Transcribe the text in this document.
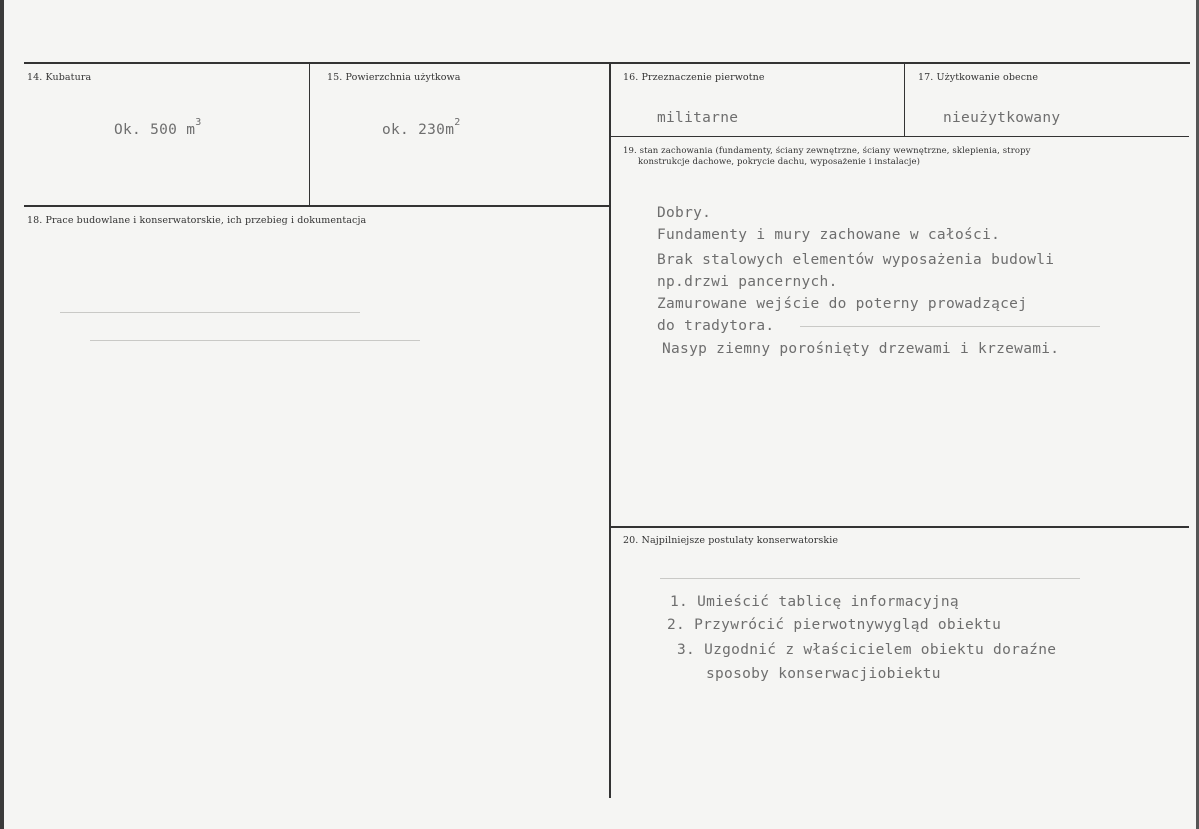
14. Kubatura
Ok. 500 $m^3$
15. Powierzchnia użytkowa
ok. $230m^2$
16. Przeznaczenie pierwotne
militarne
17. Użytkowanie obecne
nieużytkowany
18. Prace budowlane i konserwatorskie, ich przebieg i dokumentacja
19. stan zachowania (fundamenty, ściany zewnętrzne, ściany wewnętrzne, sklepienia, stropy
konstrukcje dachowe, pokrycie dachu, wyposażenie i instalacje)
Dobry.
Fundamenty i mury zachowane w całości.
Brak stalowych elementów wyposażenia budowli
np.drzwi pancernych.
Zamurowane wejście do poterny prowadzącej
do tradytora.
Nasyp ziemny porośnięty drzewami i krzewami.
20. Najpilniejsze postulaty konserwatorskie
1. Umieścić tablicę informacyjną
2. Przywrócić pierwotnywygląd obiektu
3. Uzgodnić z właścicielem obiektu doraźne
sposoby konserwacjiobiektu
